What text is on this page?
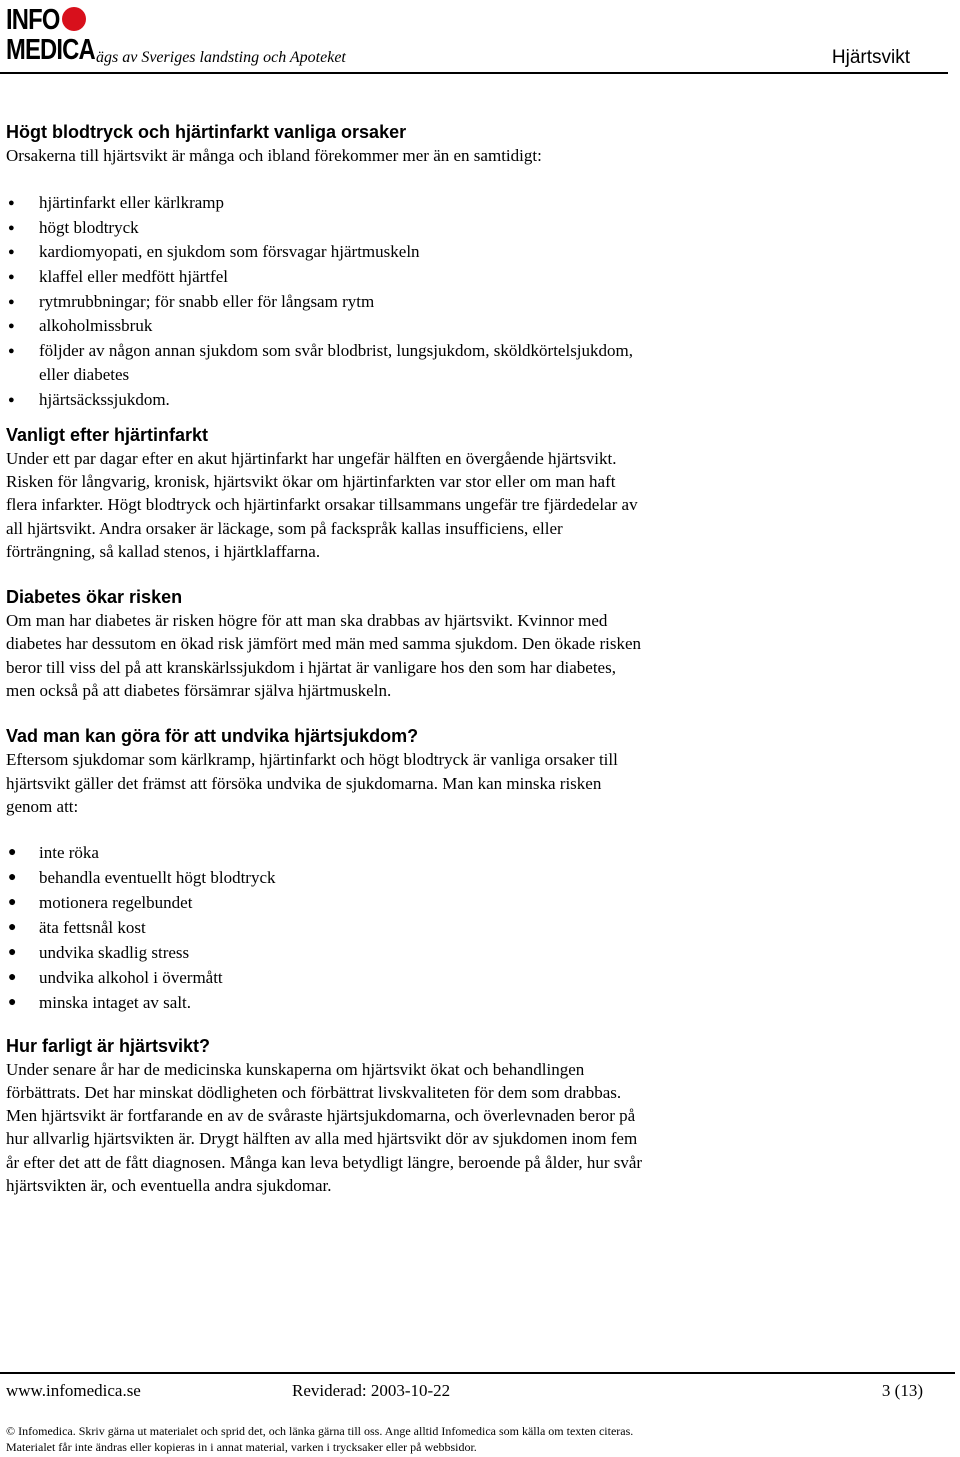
INFO
MEDICA ägs av Sveriges landsting och Apoteket	Hjärtsvikt
Högt blodtryck och hjärtinfarkt vanliga orsaker

Orsakerna till hjärtsvikt är många och ibland förekommer mer än en samtidigt:

● hjärtinfarkt eller kärlkramp
● högt blodtryck
● kardiomyopati, en sjukdom som försvagar hjärtmuskeln
● klaffel eller medfött hjärtfel
● rytmrubbningar; för snabb eller för långsam rytm
● alkoholmissbruk
● följder av någon annan sjukdom som svår blodbrist, lungsjukdom, sköldkörtelsjukdom, eller diabetes
● hjärtsäckssjukdom.
Vanligt efter hjärtinfarkt

Under ett par dagar efter en akut hjärtinfarkt har ungefär hälften en övergående hjärtsvikt. Risken för långvarig, kronisk, hjärtsvikt ökar om hjärtinfarkten var stor eller om man haft flera infarkter. Högt blodtryck och hjärtinfarkt orsakar tillsammans ungefär tre fjärdedelar av all hjärtsvikt. Andra orsaker är läckage, som på fackspråk kallas insufficiens, eller förträngning, så kallad stenos, i hjärtklaffarna.

Diabetes ökar risken

Om man har diabetes är risken högre för att man ska drabbas av hjärtsvikt. Kvinnor med diabetes har dessutom en ökad risk jämfört med män med samma sjukdom. Den ökade risken beror till viss del på att kranskärlssjukdom i hjärtat är vanligare hos den som har diabetes, men också på att diabetes försämrar själva hjärtmuskeln.

Vad man kan göra för att undvika hjärtsjukdom?

Eftersom sjukdomar som kärlkramp, hjärtinfarkt och högt blodtryck är vanliga orsaker till hjärtsvikt gäller det främst att försöka undvika de sjukdomarna. Man kan minska risken genom att:

● inte röka
● behandla eventuellt högt blodtryck
● motionera regelbundet
● äta fettsnål kost
● undvika skadlig stress
● undvika alkohol i övermått
● minska intaget av salt.
Hur farligt är hjärtsvikt?

Under senare år har de medicinska kunskaperna om hjärtsvikt ökat och behandlingen förbättrats. Det har minskat dödligheten och förbättrat livskvaliteten för dem som drabbas. Men hjärtsvikt är fortfarande en av de svåraste hjärtsjukdomarna, och överlevnaden beror på hur allvarlig hjärtsvikten är. Drygt hälften av alla med hjärtsvikt dör av sjukdomen inom fem år efter det att de fått diagnosen. Många kan leva betydligt längre, beroende på ålder, hur svår hjärtsvikten är, och eventuella andra sjukdomar.

www.infomedica.se	Reviderad: 2003-10-22	3 (13)
© Infomedica. Skriv gärna ut materialet och sprid det, och länka gärna till oss. Ange alltid Infomedica som källa om texten citeras.
Materialet får inte ändras eller kopieras in i annat material, varken i trycksaker eller på webbsidor.
